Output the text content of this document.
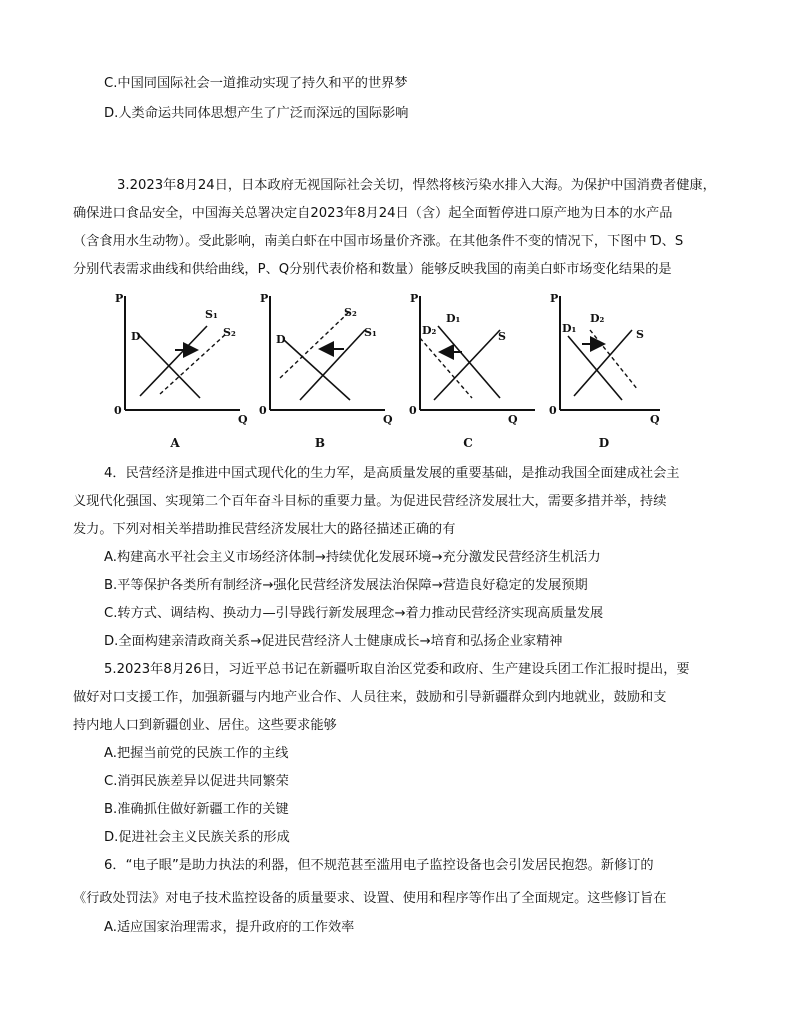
C.中国同国际社会一道推动实现了持久和平的世界梦
D.人类命运共同体思想产生了广泛而深远的国际影响
3.2023年8月24日，日本政府无视国际社会关切，悍然将核污染水排入大海。为保护中国消费者健康，
确保进口食品安全，中国海关总署决定自2023年8月24日（含）起全面暂停进口原产地为日本的水产品
（含食用水生动物）。受此影响，南美白虾在中国市场量价齐涨。在其他条件不变的情况下，下图中 Ɗ、S
分别代表需求曲线和供给曲线，P、Q分别代表价格和数量）能够反映我国的南美白虾市场变化结果的是
P
Q
0
D
S₁
S₂
A
P
Q
0
D
S₂
S₁
B
P
Q
0
D₂
D₁
S
C
P
Q
0
D₁
D₂
S
D
4．民营经济是推进中国式现代化的生力军，是高质量发展的重要基础，是推动我国全面建成社会主
义现代化强国、实现第二个百年奋斗目标的重要力量。为促进民营经济发展壮大，需要多措并举，持续
发力。下列对相关举措助推民营经济发展壮大的路径描述正确的有
A.构建高水平社会主义市场经济体制→持续优化发展环境→充分激发民营经济生机活力
B.平等保护各类所有制经济→强化民营经济发展法治保障→营造良好稳定的发展预期
C.转方式、调结构、换动力—引导践行新发展理念→着力推动民营经济实现高质量发展
D.全面构建亲清政商关系→促进民营经济人士健康成长→培育和弘扬企业家精神
5.2023年8月26日，习近平总书记在新疆听取自治区党委和政府、生产建设兵团工作汇报时提出，要
做好对口支援工作，加强新疆与内地产业合作、人员往来，鼓励和引导新疆群众到内地就业，鼓励和支
持内地人口到新疆创业、居住。这些要求能够
A.把握当前党的民族工作的主线
C.消弭民族差异以促进共同繁荣
B.准确抓住做好新疆工作的关键
D.促进社会主义民族关系的形成
6．“电子眼”是助力执法的利器，但不规范甚至滥用电子监控设备也会引发居民抱怨。新修订的
《行政处罚法》对电子技术监控设备的质量要求、设置、使用和程序等作出了全面规定。这些修订旨在
A.适应国家治理需求，提升政府的工作效率
